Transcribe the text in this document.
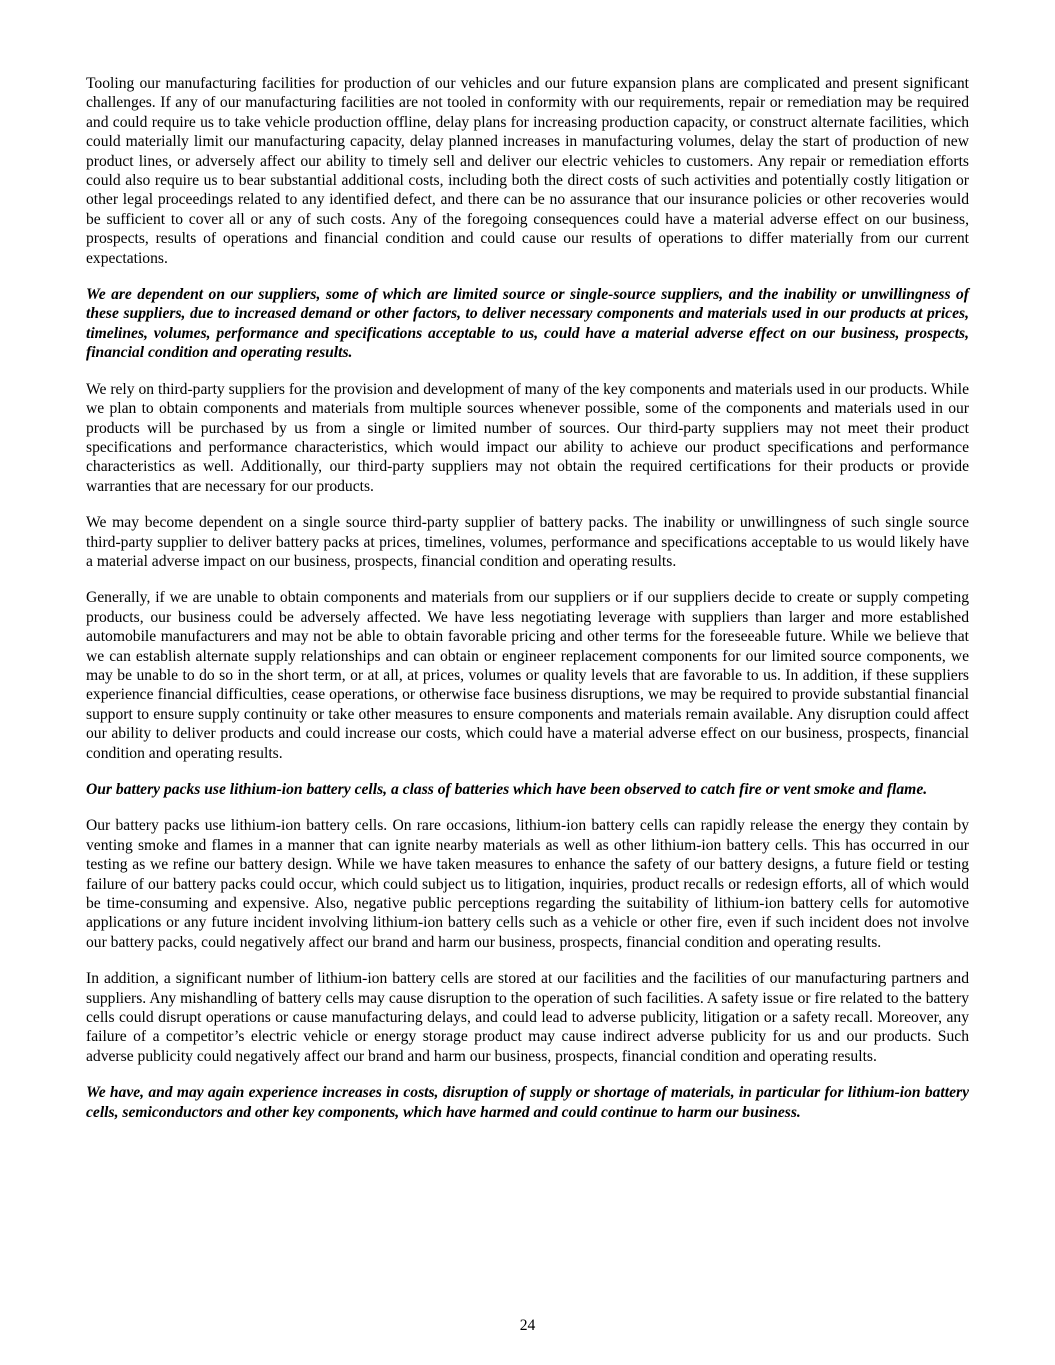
Tooling our manufacturing facilities for production of our vehicles and our future expansion plans are complicated and present significant challenges. If any of our manufacturing facilities are not tooled in conformity with our requirements, repair or remediation may be required and could require us to take vehicle production offline, delay plans for increasing production capacity, or construct alternate facilities, which could materially limit our manufacturing capacity, delay planned increases in manufacturing volumes, delay the start of production of new product lines, or adversely affect our ability to timely sell and deliver our electric vehicles to customers. Any repair or remediation efforts could also require us to bear substantial additional costs, including both the direct costs of such activities and potentially costly litigation or other legal proceedings related to any identified defect, and there can be no assurance that our insurance policies or other recoveries would be sufficient to cover all or any of such costs. Any of the foregoing consequences could have a material adverse effect on our business, prospects, results of operations and financial condition and could cause our results of operations to differ materially from our current expectations.

We are dependent on our suppliers, some of which are limited source or single-source suppliers, and the inability or unwillingness of these suppliers, due to increased demand or other factors, to deliver necessary components and materials used in our products at prices, timelines, volumes, performance and specifications acceptable to us, could have a material adverse effect on our business, prospects, financial condition and operating results.

We rely on third-party suppliers for the provision and development of many of the key components and materials used in our products. While we plan to obtain components and materials from multiple sources whenever possible, some of the components and materials used in our products will be purchased by us from a single or limited number of sources. Our third-party suppliers may not meet their product specifications and performance characteristics, which would impact our ability to achieve our product specifications and performance characteristics as well. Additionally, our third-party suppliers may not obtain the required certifications for their products or provide warranties that are necessary for our products.

We may become dependent on a single source third-party supplier of battery packs. The inability or unwillingness of such single source third-party supplier to deliver battery packs at prices, timelines, volumes, performance and specifications acceptable to us would likely have a material adverse impact on our business, prospects, financial condition and operating results.

Generally, if we are unable to obtain components and materials from our suppliers or if our suppliers decide to create or supply competing products, our business could be adversely affected. We have less negotiating leverage with suppliers than larger and more established automobile manufacturers and may not be able to obtain favorable pricing and other terms for the foreseeable future. While we believe that we can establish alternate supply relationships and can obtain or engineer replacement components for our limited source components, we may be unable to do so in the short term, or at all, at prices, volumes or quality levels that are favorable to us. In addition, if these suppliers experience financial difficulties, cease operations, or otherwise face business disruptions, we may be required to provide substantial financial support to ensure supply continuity or take other measures to ensure components and materials remain available. Any disruption could affect our ability to deliver products and could increase our costs, which could have a material adverse effect on our business, prospects, financial condition and operating results.

Our battery packs use lithium-ion battery cells, a class of batteries which have been observed to catch fire or vent smoke and flame.

Our battery packs use lithium-ion battery cells. On rare occasions, lithium-ion battery cells can rapidly release the energy they contain by venting smoke and flames in a manner that can ignite nearby materials as well as other lithium-ion battery cells. This has occurred in our testing as we refine our battery design. While we have taken measures to enhance the safety of our battery designs, a future field or testing failure of our battery packs could occur, which could subject us to litigation, inquiries, product recalls or redesign efforts, all of which would be time-consuming and expensive. Also, negative public perceptions regarding the suitability of lithium-ion battery cells for automotive applications or any future incident involving lithium-ion battery cells such as a vehicle or other fire, even if such incident does not involve our battery packs, could negatively affect our brand and harm our business, prospects, financial condition and operating results.

In addition, a significant number of lithium-ion battery cells are stored at our facilities and the facilities of our manufacturing partners and suppliers. Any mishandling of battery cells may cause disruption to the operation of such facilities. A safety issue or fire related to the battery cells could disrupt operations or cause manufacturing delays, and could lead to adverse publicity, litigation or a safety recall. Moreover, any failure of a competitor’s electric vehicle or energy storage product may cause indirect adverse publicity for us and our products. Such adverse publicity could negatively affect our brand and harm our business, prospects, financial condition and operating results.

We have, and may again experience increases in costs, disruption of supply or shortage of materials, in particular for lithium-ion battery cells, semiconductors and other key components, which have harmed and could continue to harm our business.

24
